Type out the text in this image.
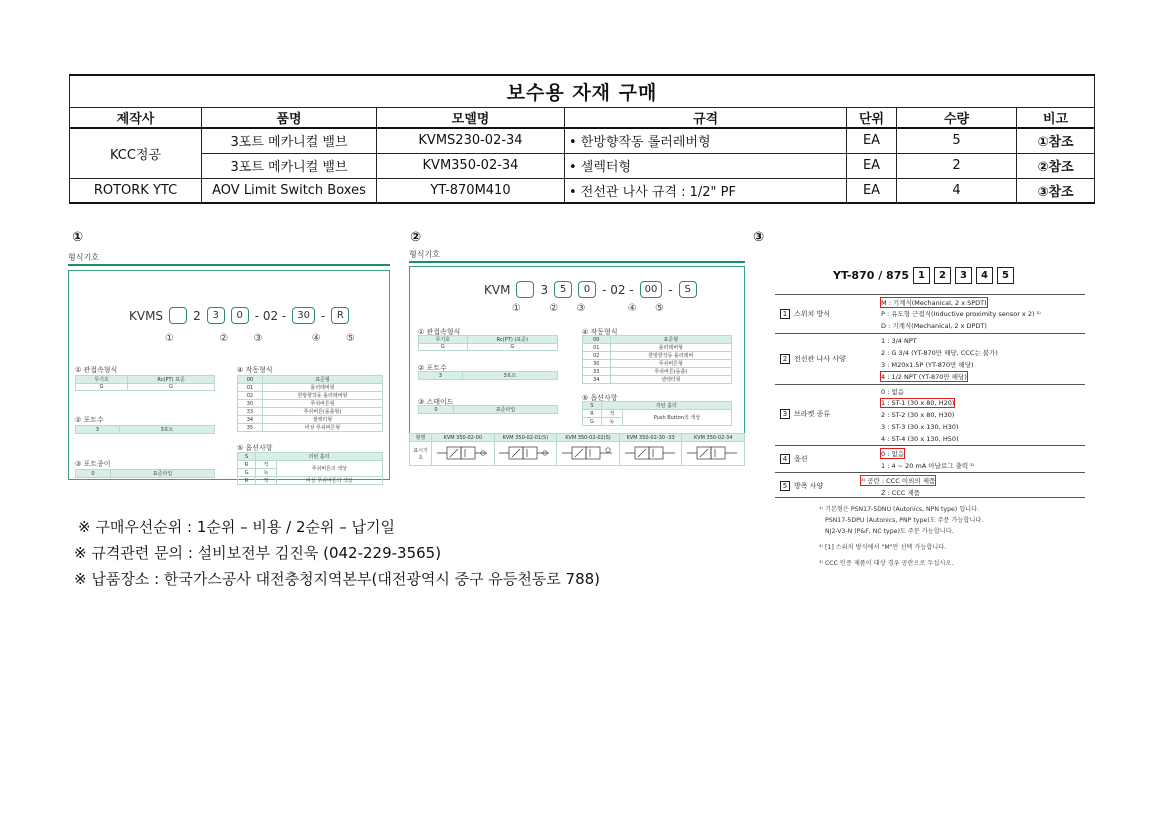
보수용 자재 구매						
제작사	품명	모델명	규격	단위	수량	비고
KCC정공	3포트 메카니컬 밸브	KVMS230-02-34	• 한방향작동 롤러레버형	EA	5	①참조
	3포트 메카니컬 밸브	KVM350-02-34	• 셀렉터형	EA	2	②참조
ROTORK YTC	AOV Limit Switch Boxes	YT-870M410	• 전선관 나사 규격 : 1/2" PF	EA	4	③참조
①	②	③
형식기호
KVMS	2	3	0 - 02 -	30 -	R
①	②	③	④	⑤
① 관접속형식
무기호	Rc(PT) 표준
G	G
② 포트수
3	3포트
③ 포트종이
0	표준타입
④ 작동형식
00	표준형
01	롤러레버형
02	한방향작동 롤러레버형
30	푸쉬버튼형
33	푸쉬버튼(돌출형)
34	셀렉터형
35	비상 푸쉬버튼형
⑤ 옵션사항
S	리턴 홀더	
R	적	푸쉬버튼의 색상
G	녹	
R	적	비상 푸쉬버튼의 색상
형식기호
KVM	3	5	0 - 02 -	00 -	S
①	② ③	④ ⑤
① 관접속형식
무기호	Rc(PT) (표준)
G	G
② 포트수
3	3포트
③ 스태이드
0	표준타입
④ 작동형식
00	표준형
01	롤러레버형
02	한방향작동 롤러레버
30	푸쉬버튼형
33	푸쉬버튼(돌출)
34	셀렉터형
⑤ 옵션사항
S	리턴 홀더	
R	적	Push Button의 색상
G	녹	
형명	KVM 350-02-00	KVM 350-02-01(S)	KVM 350-02-02(S)	KVM 350-02-30 -33	KVM 350-02-34
표시기호					
YT-870 / 875 1	2	3	4	5
1 스위치 방식
M : 기계식(Mechanical, 2 x SPDT)
P : 유도형 근접식(Inductive proximity sensor x 2) ¹⁾
D : 기계식(Mechanical, 2 x DPDT)
2 전선관 나사 사양
1 : 3/4 NPT
2 : G 3/4 (YT-870만 해당, CCC는 불가)
3 : M20x1.5P (YT-870만 해당)
4 : 1/2 NPT (YT-870만 해당)
3 브라켓 종류
0 : 없음
1 : ST-1 (30 x 80, H20)
2 : ST-2 (30 x 80, H30)
3 : ST-3 (30 x 130, H30)
4 : ST-4 (30 x 130, H50)
4 옵션
0 : 없음
1 : 4 ~ 20 mA 아날로그 출력 ²⁾
5 방폭 사양
³⁾ 공란 : CCC 이외의 제품
Z : CCC 제품
¹⁾ 기본형은 PSN17-5DNU (Autonics, NPN type) 입니다.
PSN17-5DPU (Autonics, PNP type)도 주문 가능합니다.
NJ2-V3-N (P&F, NC type)도 주문 가능합니다.
²⁾ [1] 스위치 방식에서 "M"만 선택 가능합니다.
³⁾ CCC 인증 제품이 대상 경우 공란으로 두십시오.
※ 구매우선순위 : 1순위 – 비용 / 2순위 – 납기일
※ 규격관련 문의 : 설비보전부 김진욱 (042-229-3565)
※ 납품장소 : 한국가스공사 대전충청지역본부(대전광역시 중구 유등천동로 788)
